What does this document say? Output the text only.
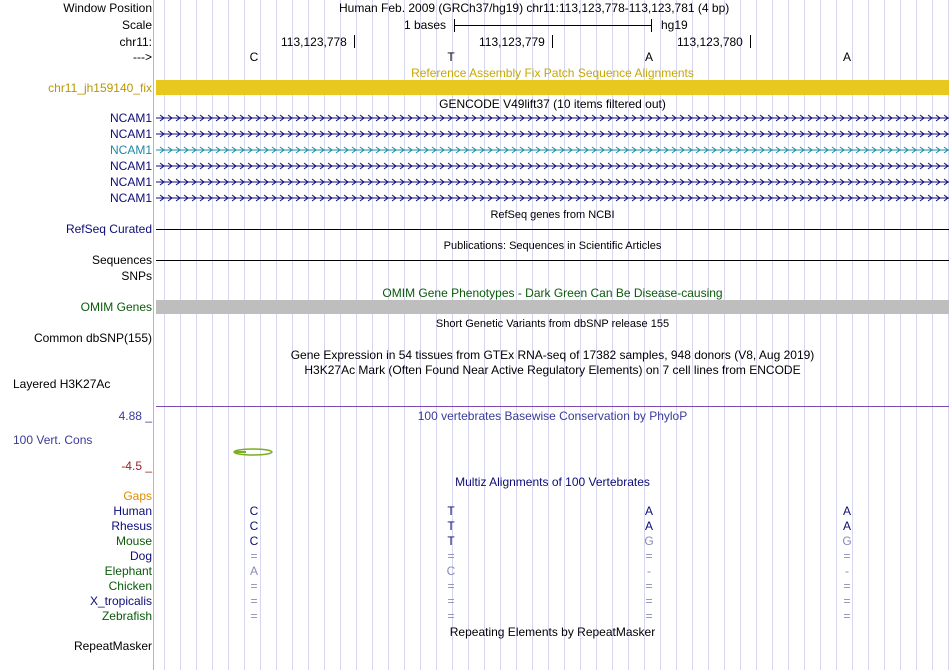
Window Position	Human Feb. 2009 (GRCh37/hg19) chr11:113,123,778-113,123,781 (4 bp)
Scale	1 bases	hg19
chr11:	113,123,778	113,123,779	113,123,780
--->	C	T	A	A
Reference Assembly Fix Patch Sequence Alignments
chr11_jh159140_fix
GENCODE V49lift37 (10 items filtered out)
NCAM1
NCAM1
NCAM1
NCAM1
NCAM1
NCAM1
RefSeq genes from NCBI
RefSeq Curated
Publications: Sequences in Scientific Articles
Sequences
SNPs
OMIM Gene Phenotypes - Dark Green Can Be Disease-causing
OMIM Genes
Short Genetic Variants from dbSNP release 155
Common dbSNP(155)
Gene Expression in 54 tissues from GTEx RNA-seq of 17382 samples, 948 donors (V8, Aug 2019)
H3K27Ac Mark (Often Found Near Active Regulatory Elements) on 7 cell lines from ENCODE
Layered H3K27Ac
100 vertebrates Basewise Conservation by PhyloP
4.88 _
100 Vert. Cons
-4.5 _
Multiz Alignments of 100 Vertebrates
Gaps
Human	C	T	A	A
Rhesus	C	T	A	A
Mouse	C	T	G	G
Dog	=	=	=	=
Elephant	A	C	-	-
Chicken	=	=	=	=
X_tropicalis	=	=	=	=
Zebrafish	=	=	=	=
Repeating Elements by RepeatMasker
RepeatMasker
